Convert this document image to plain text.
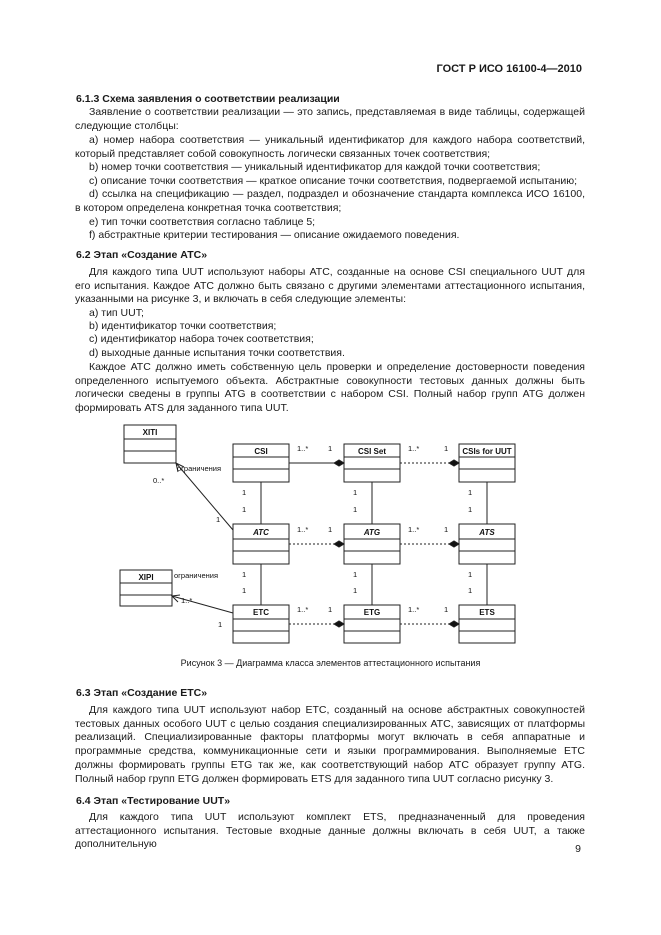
ГОСТ Р ИСО 16100-4—2010

6.1.3 Схема заявления о соответствии реализации

Заявление о соответствии реализации — это запись, представляемая в виде таблицы, содержащей следующие столбцы:

a) номер набора соответствия — уникальный идентификатор для каждого набора соответствий, который представляет собой совокупность логически связанных точек соответствия;

b) номер точки соответствия — уникальный идентификатор для каждой точки соответствия;

c) описание точки соответствия — краткое описание точки соответствия, подвергаемой испытанию;

d) ссылка на спецификацию — раздел, подраздел и обозначение стандарта комплекса ИСО 16100, в котором определена конкретная точка соответствия;

e) тип точки соответствия согласно таблице 5;

f) абстрактные критерии тестирования — описание ожидаемого поведения.

6.2 Этап «Создание АТС»

Для каждого типа UUT используют наборы АТС, созданные на основе CSI специального UUT для его испытания. Каждое АТС должно быть связано с другими элементами аттестационного испытания, указанными на рисунке 3, и включать в себя следующие элементы:

a) тип UUT;

b) идентификатор точки соответствия;

c) идентификатор набора точек соответствия;

d) выходные данные испытания точки соответствия.

Каждое АТС должно иметь собственную цель проверки и определение достоверности поведения определенного испытуемого объекта. Абстрактные совокупности тестовых данных должны быть логически сведены в группы ATG в соответствии с набором CSI. Полный набор групп ATG должен формировать ATS для заданного типа UUT.

XITI
XIPI
CSI	CSI Set	CSIs for UUT
ATC	ATG	ATS
ETC	ETG	ETS
1..*	1	1..*	1
1..*	1	1..*	1
1..*	1	1..*	1
1
1
1
1
1
1
1
1
1
1
1
1
ограничения
0..*
1
ограничения
1..*
1
Рисунок 3 — Диаграмма класса элементов аттестационного испытания

6.3 Этап «Создание ЕТС»

Для каждого типа UUT используют набор ЕТС, созданный на основе абстрактных совокупностей тестовых данных особого UUT с целью создания специализированных АТС, зависящих от платформы реализаций. Специализированные факторы платформы могут включать в себя аппаратные и программные средства, коммуникационные сети и языки программирования. Выполняемые ЕТС должны формировать группы ETG так же, как соответствующий набор АТС образует группу ATG. Полный набор групп ETG должен формировать ETS для заданного типа UUT согласно рисунку 3.

6.4 Этап «Тестирование UUT»

Для каждого типа UUT используют комплект ETS, предназначенный для проведения аттестационного испытания. Тестовые входные данные должны включать в себя UUT, а также дополнительную	9
